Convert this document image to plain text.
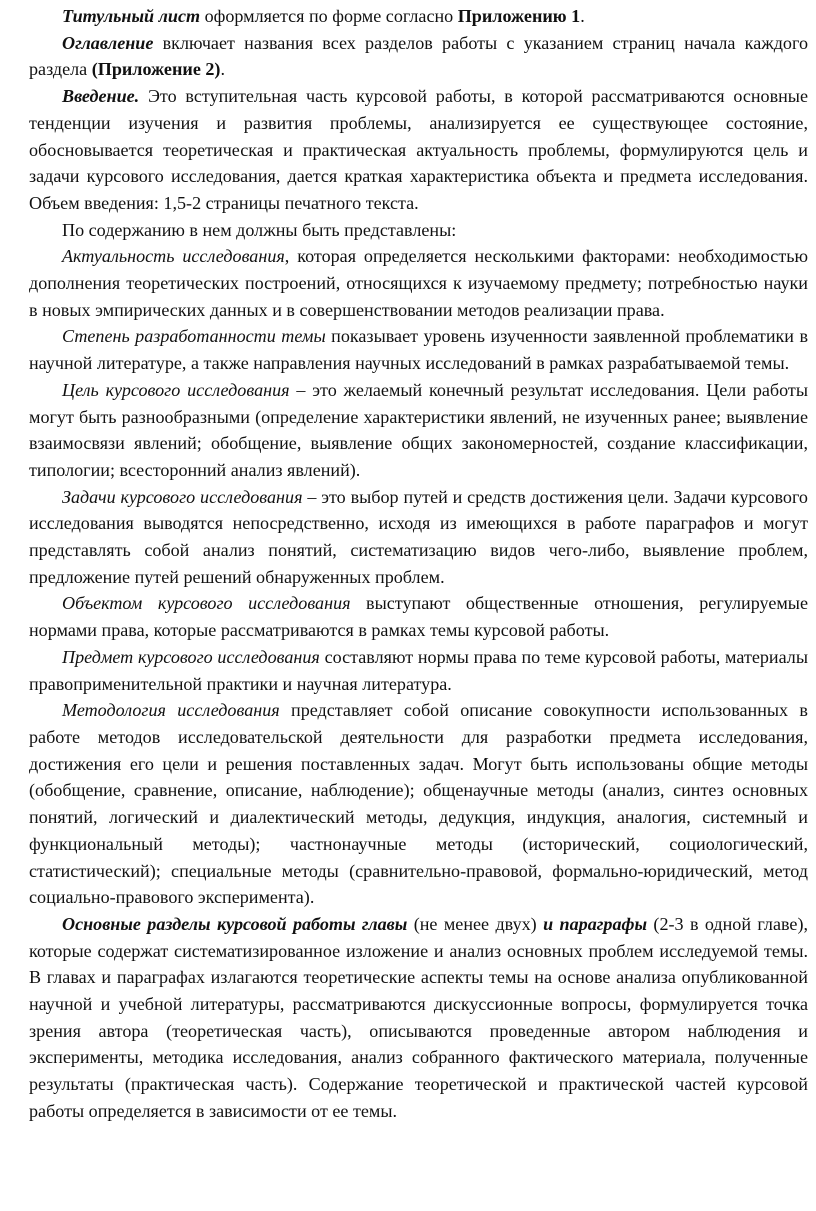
Титульный лист оформляется по форме согласно Приложению 1.

Оглавление включает названия всех разделов работы с указанием страниц начала каждого раздела (Приложение 2).

Введение. Это вступительная часть курсовой работы, в которой рассматриваются основные тенденции изучения и развития проблемы, анализируется ее существующее состояние, обосновывается теоретическая и практическая актуальность проблемы, формулируются цель и задачи курсового исследования, дается краткая характеристика объекта и предмета исследования. Объем введения: 1,5-2 страницы печатного текста.

По содержанию в нем должны быть представлены:

Актуальность исследования, которая определяется несколькими факторами: необходимостью дополнения теоретических построений, относящихся к изучаемому предмету; потребностью науки в новых эмпирических данных и в совершенствовании методов реализации права.

Степень разработанности темы показывает уровень изученности заявленной проблематики в научной литературе, а также направления научных исследований в рамках разрабатываемой темы.

Цель курсового исследования – это желаемый конечный результат исследования. Цели работы могут быть разнообразными (определение характеристики явлений, не изученных ранее; выявление взаимосвязи явлений; обобщение, выявление общих закономерностей, создание классификации, типологии; всесторонний анализ явлений).

Задачи курсового исследования – это выбор путей и средств достижения цели. Задачи курсового исследования выводятся непосредственно, исходя из имеющихся в работе параграфов и могут представлять собой анализ понятий, систематизацию видов чего-либо, выявление проблем, предложение путей решений обнаруженных проблем.

Объектом курсового исследования выступают общественные отношения, регулируемые нормами права, которые рассматриваются в рамках темы курсовой работы.

Предмет курсового исследования составляют нормы права по теме курсовой работы, материалы правоприменительной практики и научная литература.

Методология исследования представляет собой описание совокупности использованных в работе методов исследовательской деятельности для разработки предмета исследования, достижения его цели и решения поставленных задач. Могут быть использованы общие методы (обобщение, сравнение, описание, наблюдение); общенаучные методы (анализ, синтез основных понятий, логический и диалектический методы, дедукция, индукция, аналогия, системный и функциональный методы); частнонаучные методы (исторический, социологический, статистический); специальные методы (сравнительно-правовой, формально-юридический, метод социально-правового эксперимента).

Основные разделы курсовой работы главы (не менее двух) и параграфы (2-3 в одной главе), которые содержат систематизированное изложение и анализ основных проблем исследуемой темы. В главах и параграфах излагаются теоретические аспекты темы на основе анализа опубликованной научной и учебной литературы, рассматриваются дискуссионные вопросы, формулируется точка зрения автора (теоретическая часть), описываются проведенные автором наблюдения и эксперименты, методика исследования, анализ собранного фактического материала, полученные результаты (практическая часть). Содержание теоретической и практической частей курсовой работы определяется в зависимости от ее темы.
